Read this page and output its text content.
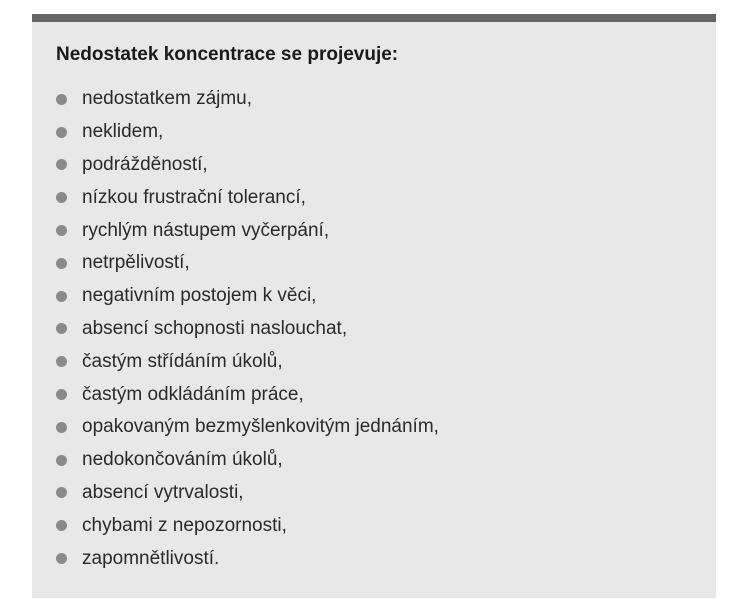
Nedostatek koncentrace se projevuje:
nedostatkem zájmu,
neklidem,
podrážděností,
nízkou frustrační tolerancí,
rychlým nástupem vyčerpání,
netrpělivostí,
negativním postojem k věci,
absencí schopnosti naslouchat,
častým střídáním úkolů,
častým odkládáním práce,
opakovaným bezmyšlenkovitým jednáním,
nedokončováním úkolů,
absencí vytrvalosti,
chybami z nepozornosti,
zapomnětlivostí.
